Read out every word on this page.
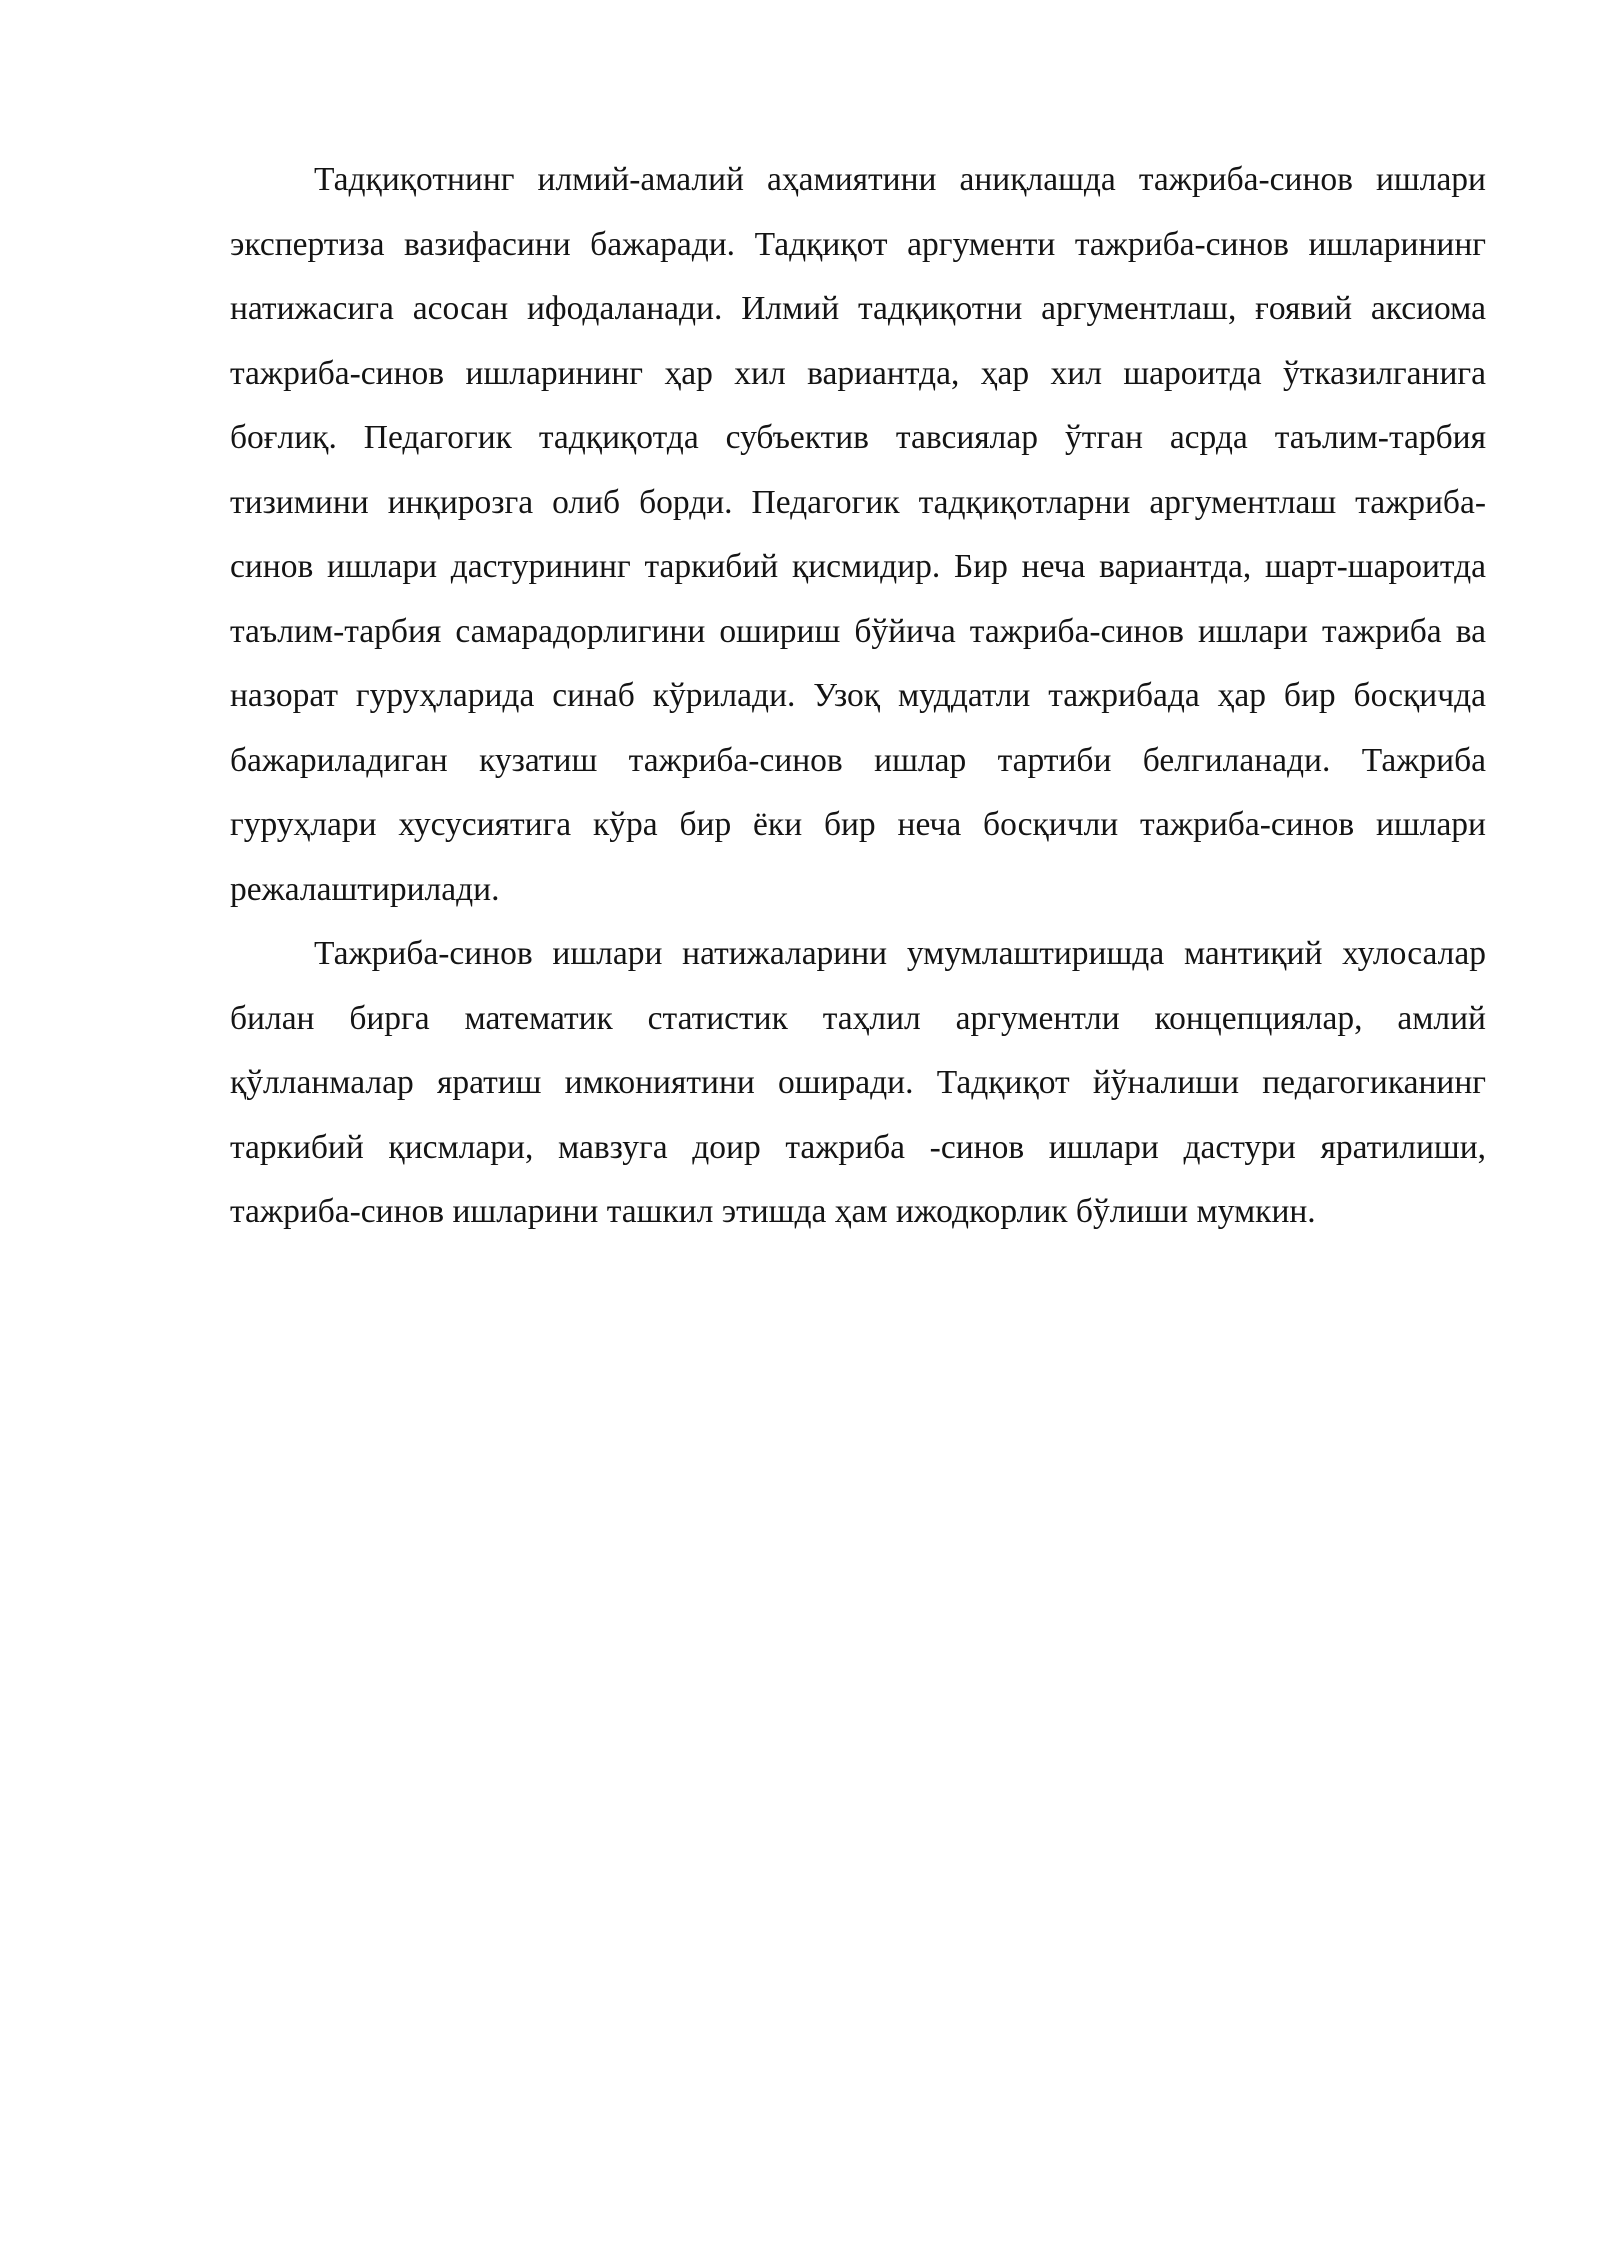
Тадқиқотнинг илмий-амалий аҳамиятини аниқлашда тажриба-синов ишлари экспертиза вазифасини бажаради. Тадқиқот аргументи тажриба-синов ишларининг натижасига асосан ифодаланади. Илмий тадқиқотни аргументлаш, ғоявий аксиома тажриба-синов ишларининг ҳар хил вариантда, ҳар хил шароитда ўтказилганига боғлиқ. Педагогик тадқиқотда субъектив тавсиялар ўтган асрда таълим-тарбия тизимини инқирозга олиб борди. Педагогик тадқиқотларни аргументлаш тажриба-синов ишлари дастурининг таркибий қисмидир. Бир неча вариантда, шарт-шароитда таълим-тарбия самарадорлигини ошириш бўйича тажриба-синов ишлари тажриба ва назорат гуруҳларида синаб кўрилади. Узоқ муддатли тажрибада ҳар бир босқичда бажариладиган кузатиш тажриба-синов ишлар тартиби белгиланади. Тажриба гуруҳлари хусусиятига кўра бир ёки бир неча босқичли тажриба-синов ишлари режалаштирилади.

Тажриба-синов ишлари натижаларини умумлаштиришда мантиқий хулосалар билан бирга математик статистик таҳлил аргументли концепциялар, амлий қўлланмалар яратиш имкониятини оширади. Тадқиқот йўналиши педагогиканинг таркибий қисмлари, мавзуга доир тажриба -синов ишлари дастури яратилиши, тажриба-синов ишларини ташкил этишда ҳам ижодкорлик бўлиши мумкин.
